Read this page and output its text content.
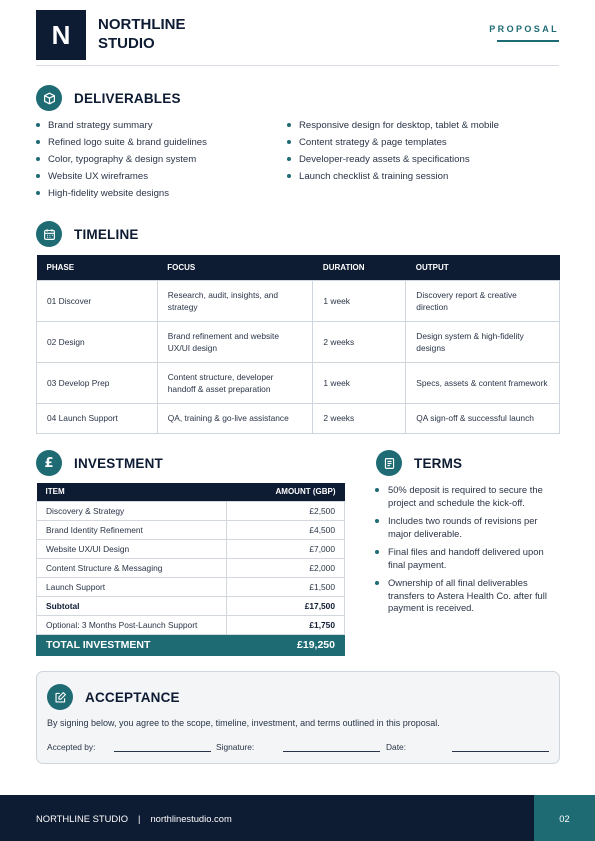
N NORTHLINE
STUDIO
PROPOSAL
DELIVERABLES
Brand strategy summary
Refined logo suite & brand guidelines
Color, typography & design system
Website UX wireframes
High-fidelity website designs
Responsive design for desktop, tablet & mobile
Content strategy & page templates
Developer-ready assets & specifications
Launch checklist & training session
TIMELINE
PHASE	FOCUS	DURATION	OUTPUT
01 Discover	Research, audit, insights, and strategy	1 week	Discovery report & creative direction
02 Design	Brand refinement and website UX/UI design	2 weeks	Design system & high-fidelity designs
03 Develop Prep	Content structure, developer handoff & asset preparation	1 week	Specs, assets & content framework
04 Launch Support	QA, training & go-live assistance	2 weeks	QA sign-off & successful launch
£ INVESTMENT
ITEM	AMOUNT (GBP)
Discovery & Strategy	£2,500
Brand Identity Refinement	£4,500
Website UX/UI Design	£7,000
Content Structure & Messaging	£2,000
Launch Support	£1,500
Subtotal	£17,500
Optional: 3 Months Post-Launch Support	£1,750
TOTAL INVESTMENT	£19,250
TERMS
50% deposit is required to secure the project and schedule the kick-off.
Includes two rounds of revisions per major deliverable.
Final files and handoff delivered upon final payment.
Ownership of all final deliverables transfers to Astera Health Co. after full payment is received.
ACCEPTANCE
By signing below, you agree to the scope, timeline, investment, and terms outlined in this proposal.
Accepted by:	Signature:	Date:
NORTHLINE STUDIO | northlinestudio.com	02
